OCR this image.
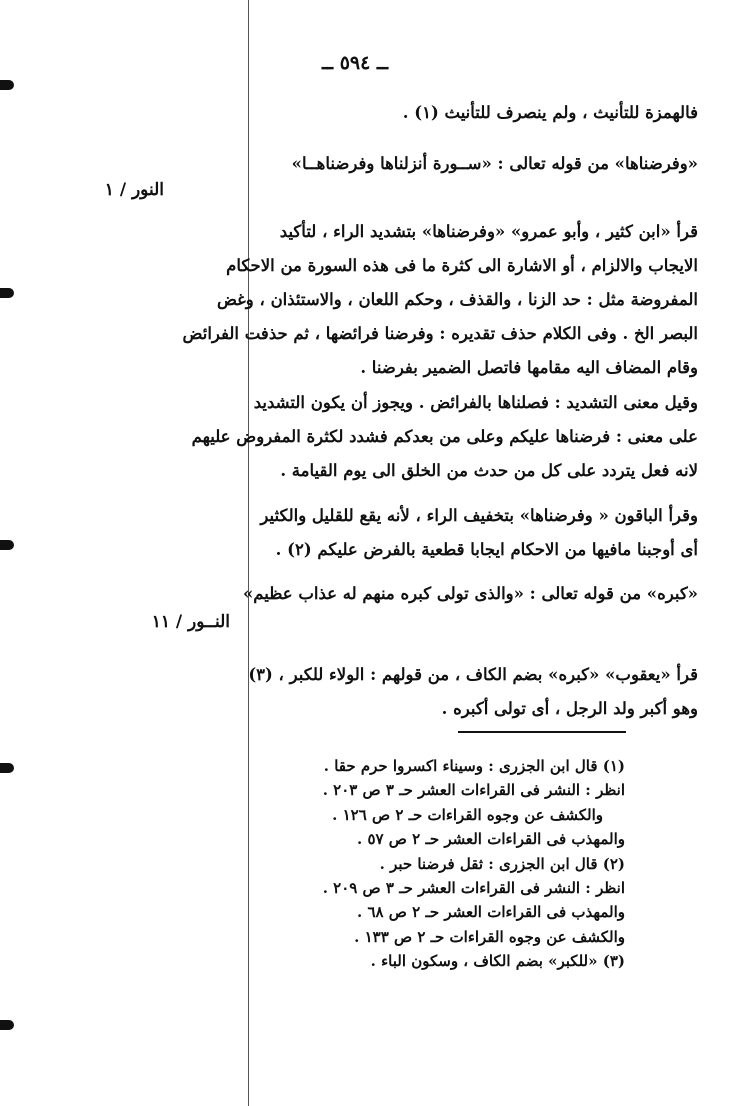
ــ ٥٩٤ ــ
فالهمزة للتأنيث ، ولم ينصرف للتأنيث (١) .
«وفرضناها» من قوله تعالى : «ســورة أنزلناها وفرضناهــا»
النور / ١
قرأ «ابن كثير ، وأبو عمرو» «وفرضناها» بتشديد الراء ، لتأكيد
الايجاب والالزام ، أو الاشارة الى كثرة ما فى هذه السورة من الاحكام
المفروضة مثل : حد الزنا ، والقذف ، وحكم اللعان ، والاستئذان ، وغض
البصر الخ . وفى الكلام حذف تقديره : وفرضنا فرائضها ، ثم حذفت الفرائض
وقام المضاف اليه مقامها فاتصل الضمير بفرضنا .
وقيل معنى التشديد : فصلناها بالفرائض . ويجوز أن يكون التشديد
على معنى : فرضناها عليكم وعلى من بعدكم فشدد لكثرة المفروض عليهم
لانه فعل يتردد على كل من حدث من الخلق الى يوم القيامة .
وقرأ الباقون « وفرضناها» بتخفيف الراء ، لأنه يقع للقليل والكثير
أى أوجبنا مافيها من الاحكام ايجابا قطعية بالفرض عليكم (٢) .
«كبره» من قوله تعالى : «والذى تولى كبره منهم له عذاب عظيم»
النــور / ١١
قرأ «يعقوب» «كبره» بضم الكاف ، من قولهم : الولاء للكبر ، (٣)
وهو أكبر ولد الرجل ، أى تولى أكبره .
(١) قال ابن الجزرى : وسيناء اكسروا حرم حقا .
انظر : النشر فى القراءات العشر حـ ٣ ص ٢٠٣ .
والكشف عن وجوه القراءات حـ ٢ ص ١٢٦ .
والمهذب فى القراءات العشر حـ ٢ ص ٥٧ .
(٢) قال ابن الجزرى : ثقل فرضنا حبر .
انظر : النشر فى القراءات العشر حـ ٣ ص ٢٠٩ .
والمهذب فى القراءات العشر حـ ٢ ص ٦٨ .
والكشف عن وجوه القراءات حـ ٢ ص ١٣٣ .
(٣) «للكبر» بضم الكاف ، وسكون الباء .
